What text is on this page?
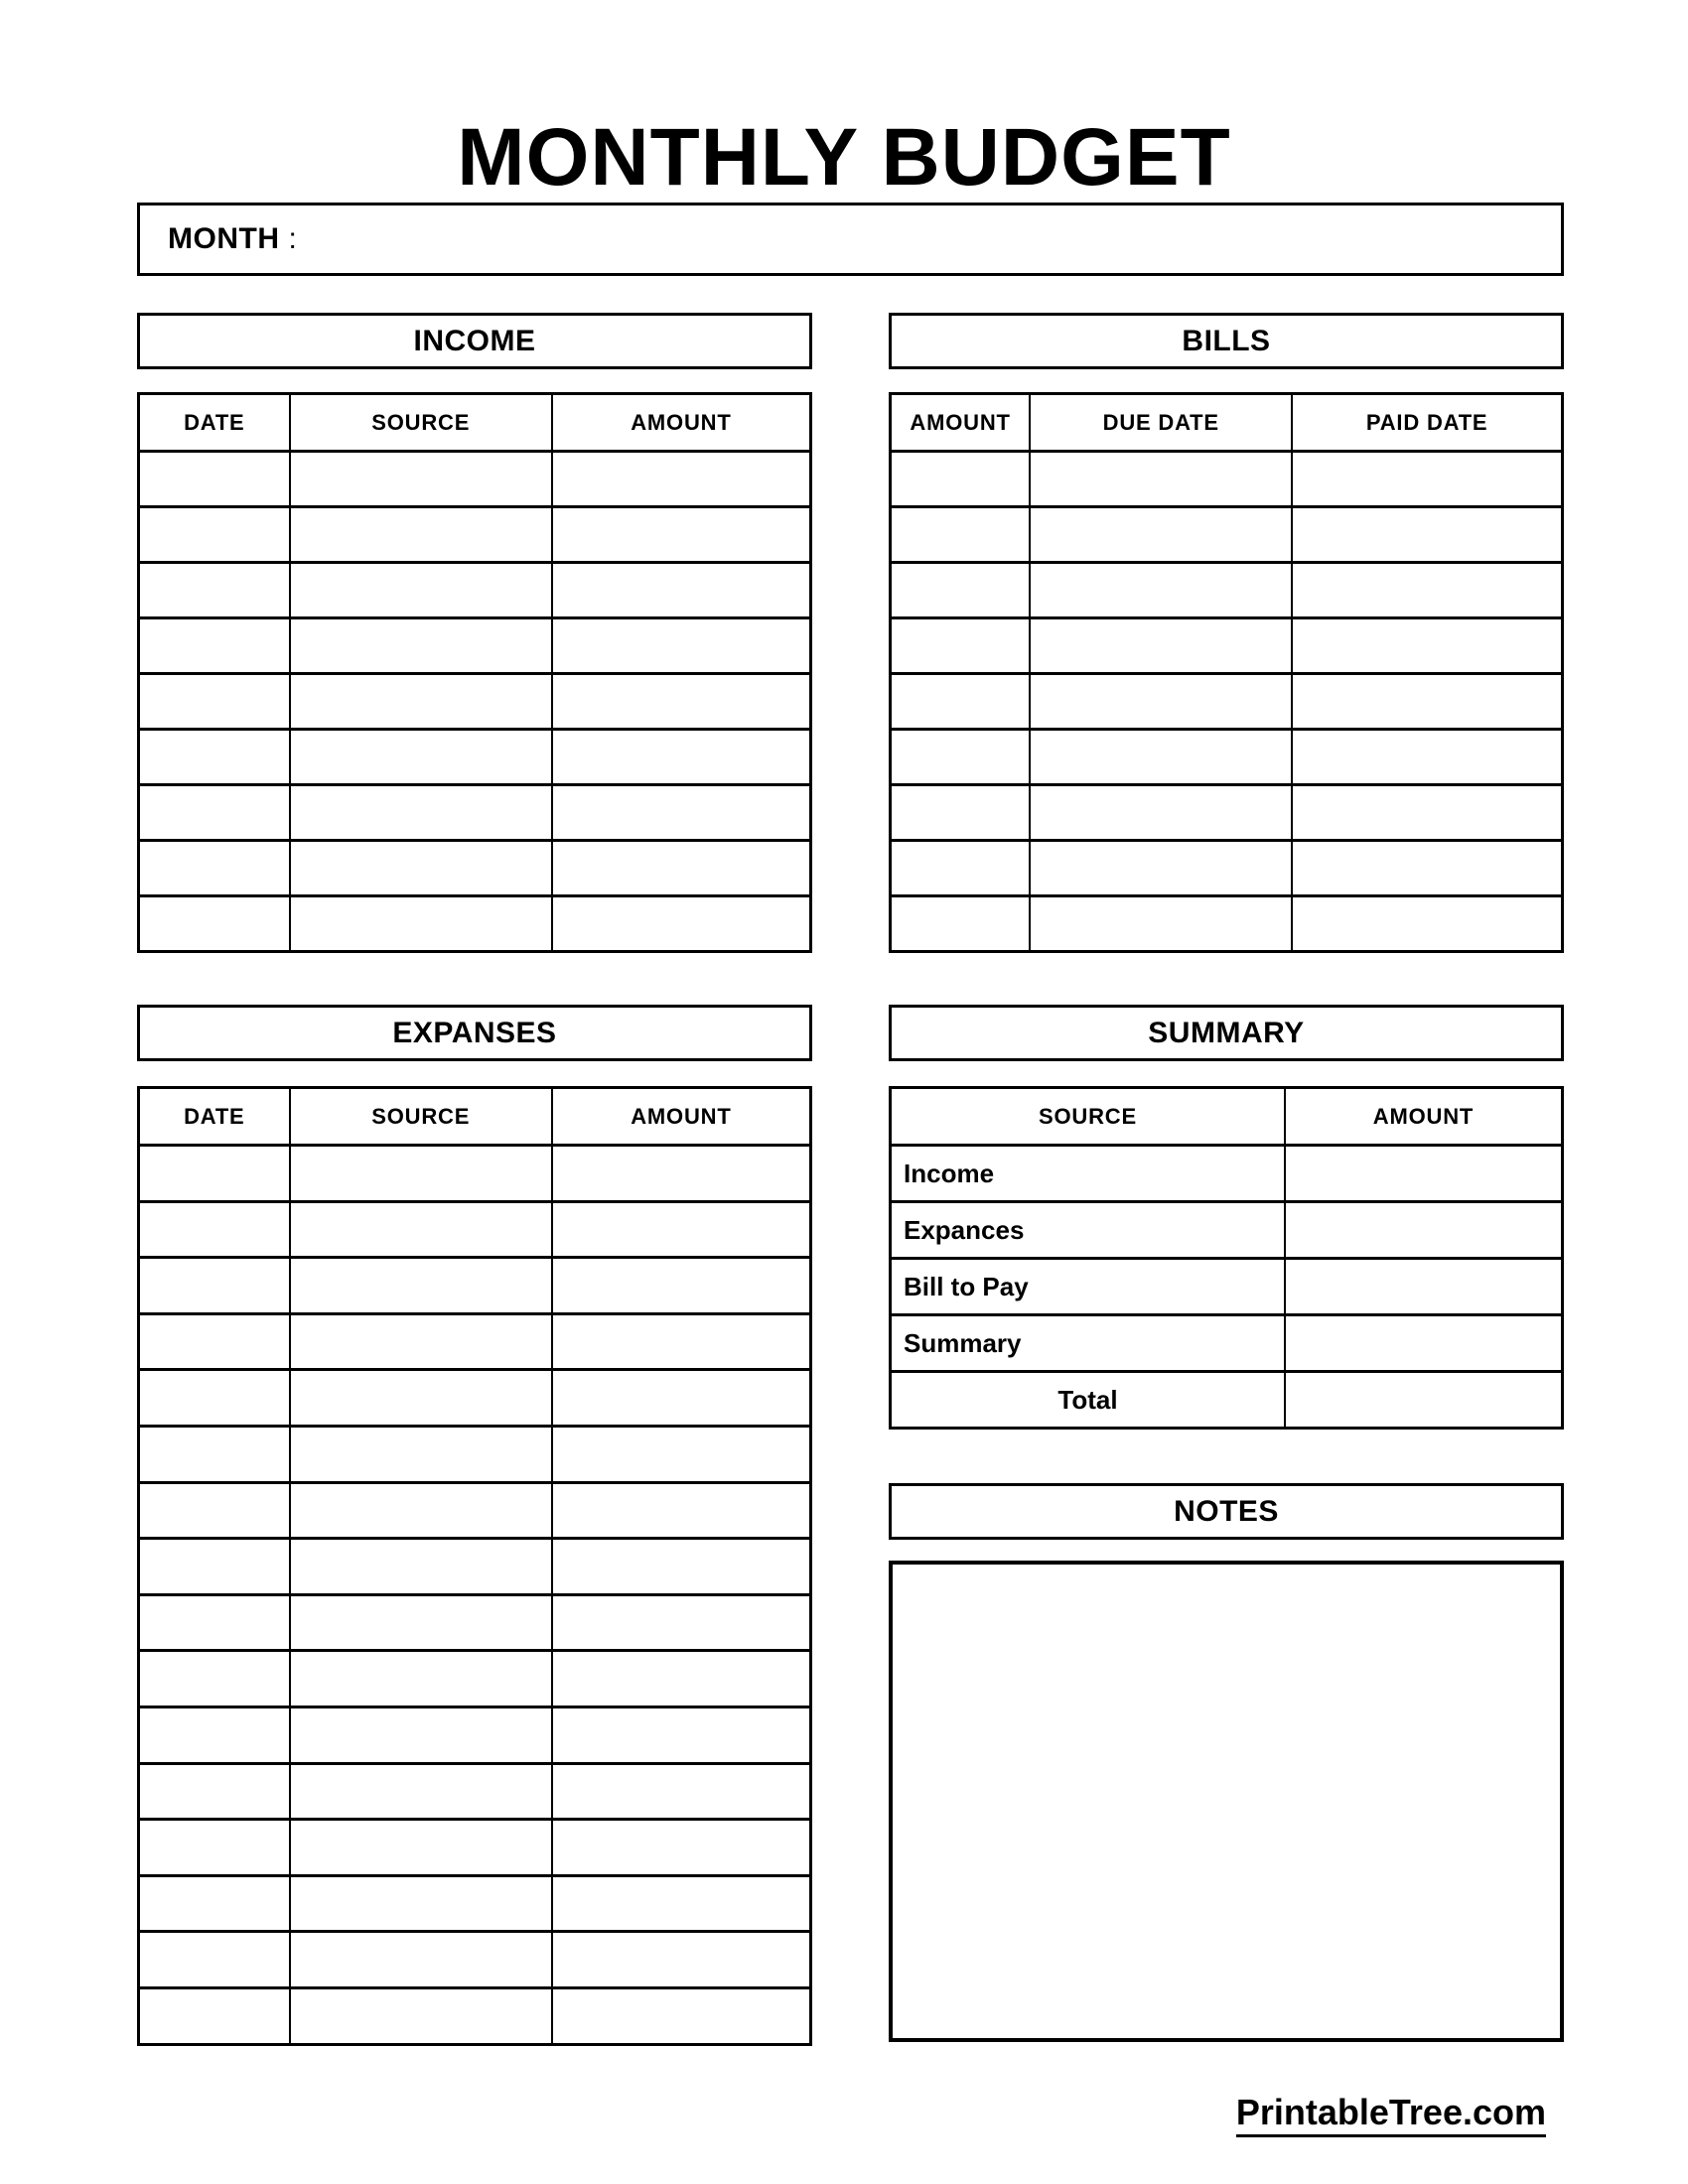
MONTHLY BUDGET
MONTH :
INCOME
DATE	SOURCE	AMOUNT
EXPANSES
DATE	SOURCE	AMOUNT
BILLS
AMOUNT	DUE DATE	PAID DATE
SUMMARY
SOURCE	AMOUNT
Income
Expances
Bill to Pay
Summary
Total
NOTES
PrintableTree.com
